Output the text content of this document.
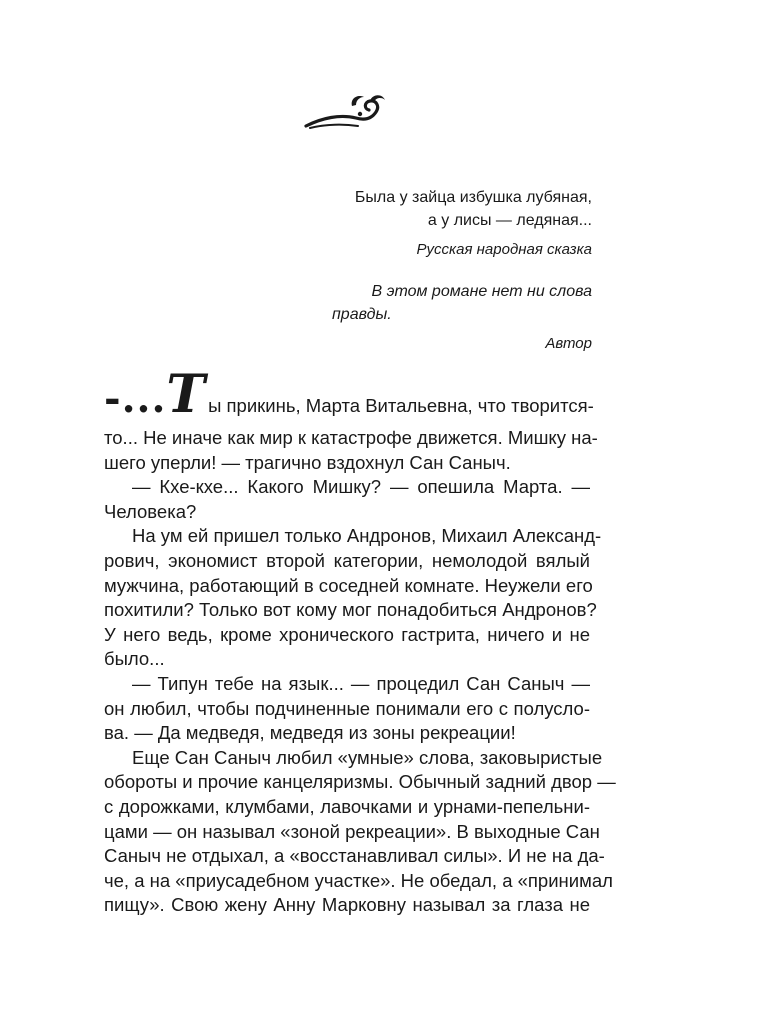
Была у зайца избушка лубяная,
а у лисы — ледяная...
Русская народная сказка
В этом романе нет ни слова
правды.
Автор
-... Т ы прикинь, Марта Витальевна, что творится-
то... Не иначе как мир к катастрофе движется. Мишку на-
шего уперли! — трагично вздохнул Сан Саныч.
— Кхе-кхе... Какого Мишку? — опешила Марта. —
Человека?
На ум ей пришел только Андронов, Михаил Александ-
рович, экономист второй категории, немолодой вялый
мужчина, работающий в соседней комнате. Неужели его
похитили? Только вот кому мог понадобиться Андронов?
У него ведь, кроме хронического гастрита, ничего и не
было...
— Типун тебе на язык... — процедил Сан Саныч —
он любил, чтобы подчиненные понимали его с полусло-
ва. — Да медведя, медведя из зоны рекреации!
Еще Сан Саныч любил «умные» слова, заковыристые
обороты и прочие канцеляризмы. Обычный задний двор —
с дорожками, клумбами, лавочками и урнами-пепельни-
цами — он называл «зоной рекреации». В выходные Сан
Саныч не отдыхал, а «восстанавливал силы». И не на да-
че, а на «приусадебном участке». Не обедал, а «принимал
пищу». Свою жену Анну Марковну называл за глаза не
